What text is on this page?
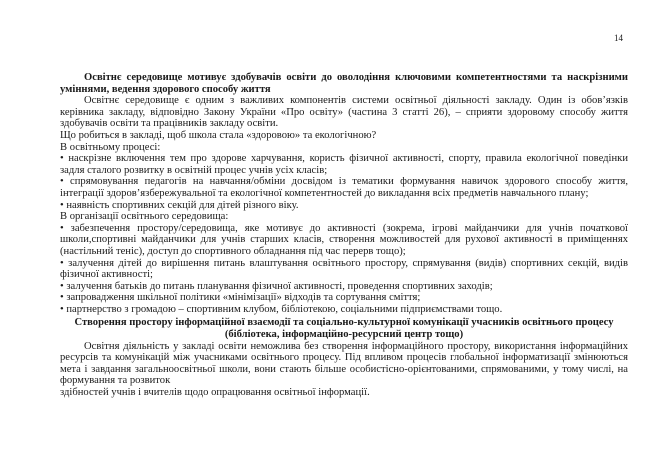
14

Освітнє середовище мотивує здобувачів освіти до оволодіння ключовими компетентностями та наскрізними уміннями, ведення здорового способу життя

Освітнє середовище є одним з важливих компонентів системи освітньої діяльності закладу. Один із обов’язків керівника закладу, відповідно Закону України «Про освіту» (частина 3 статті 26), – сприяти здоровому способу життя здобувачів освіти та працівників закладу освіти.

Що робиться в закладі, щоб школа стала «здоровою» та екологічною?

В освітньому процесі:

• наскрізне включення тем про здорове харчування, користь фізичної активності, спорту, правила екологічної поведінки задля сталого розвитку в освітній процес учнів усіх класів;

• спрямовування педагогів на навчання/обміни досвідом із тематики формування навичок здорового способу життя, інтеграції здоров’язбережувальної та екологічної компетентностей до викладання всіх предметів навчального плану;

• наявність спортивних секцій для дітей різного віку.

В організації освітнього середовища:

• забезпечення простору/середовища, яке мотивує до активності (зокрема, ігрові майданчики для учнів початкової школи,спортивні майданчики для учнів старших класів, створення можливостей для рухової активності в приміщеннях (настільний теніс), доступ до спортивного обладнання під час перерв тощо);

• залучення дітей до вирішення питань влаштування освітнього простору, спрямування (видів) спортивних секцій, видів фізичної активності;

• залучення батьків до питань планування фізичної активності, проведення спортивних заходів;

• запровадження шкільної політики «мінімізації» відходів та сортування сміття;

• партнерство з громадою – спортивним клубом, бібліотекою, соціальними підприємствами тощо.

Створення простору інформаційної взаємодії та соціально-культурної комунікації учасників освітнього процесу (бібліотека, інформаційно-ресурсний центр тощо)

Освітня діяльність у закладі освіти неможлива без створення інформаційного простору, використання інформаційних ресурсів та комунікацій між учасниками освітнього процесу. Під впливом процесів глобальної інформатизації змінюються мета і завдання загальноосвітньої школи, вони стають більше особистісно-орієнтованими, спрямованими, у тому числі, на формування та розвиток

здібностей учнів і вчителів щодо опрацювання освітньої інформації.
